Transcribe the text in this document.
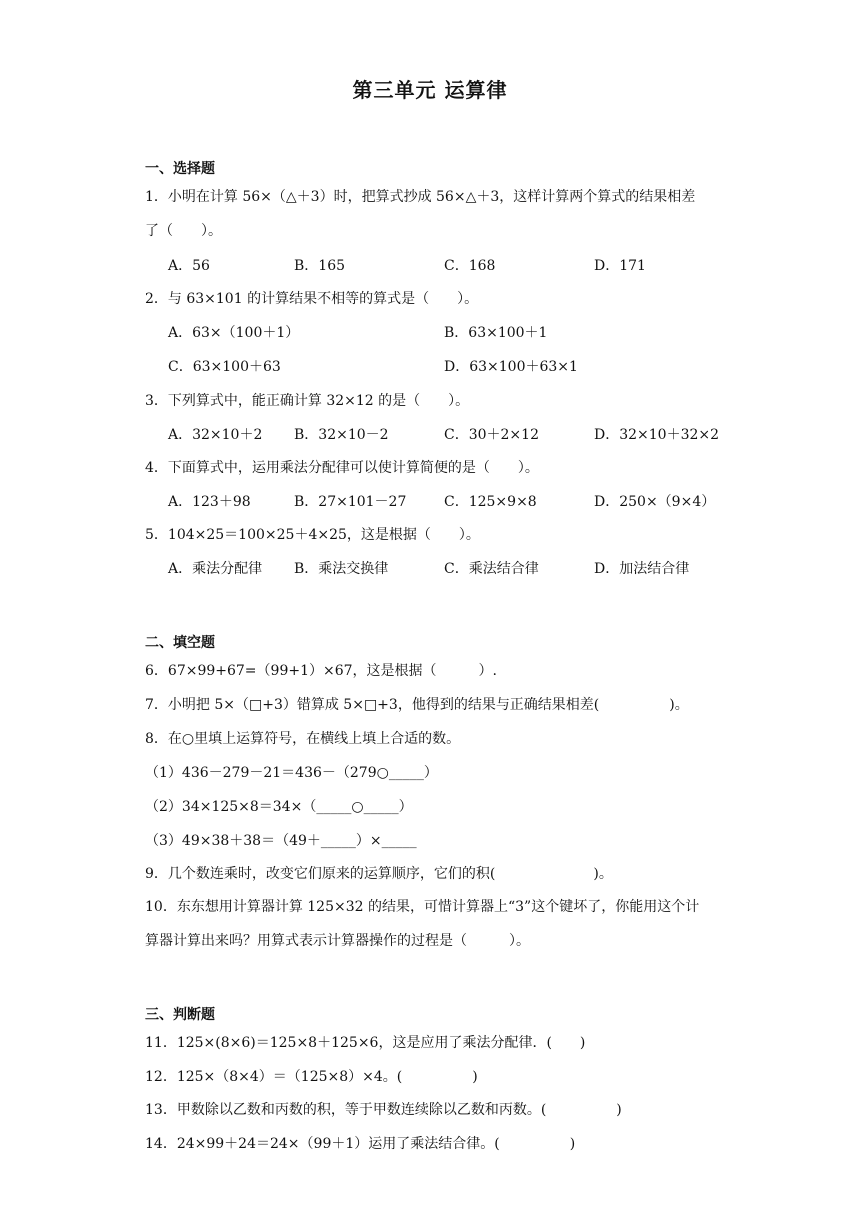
第三单元 运算律
一、选择题
1．小明在计算 56×（△＋3）时，把算式抄成 56×△＋3，这样计算两个算式的结果相差
了（　　）。
A．56	B．165	C．168	D．171
2．与 63×101 的计算结果不相等的算式是（　　）。
A．63×（100＋1）	B．63×100＋1
C．63×100＋63	D．63×100＋63×1
3．下列算式中，能正确计算 32×12 的是（　　）。
A．32×10＋2 B．32×10－2	C．30＋2×12	D．32×10＋32×2
4．下面算式中，运用乘法分配律可以使计算简便的是（　　）。
A．123＋98	B．27×101－27	C．125×9×8	D．250×（9×4）
5．104×25＝100×25＋4×25，这是根据（　　）。
A．乘法分配律 B．乘法交换律	C．乘法结合律	D．加法结合律
二、填空题
6．67×99+67=（99+1）×67，这是根据（　　　）.
7．小明把 5×（□+3）错算成 5×□+3，他得到的结果与正确结果相差(　　　　　)。
8．在○里填上运算符号，在横线上填上合适的数。
（1）436－279－21＝436－（279○_____）
（2）34×125×8＝34×（_____○_____）
（3）49×38＋38＝（49＋_____）×_____
9．几个数连乘时，改变它们原来的运算顺序，它们的积(　　　　　　　)。
10．东东想用计算器计算 125×32 的结果，可惜计算器上“3”这个键坏了，你能用这个计
算器计算出来吗？用算式表示计算器操作的过程是（　　　）。
三、判断题
11．125×(8×6)＝125×8＋125×6，这是应用了乘法分配律．(　　)
12．125×（8×4）＝（125×8）×4。(　　　　　)
13．甲数除以乙数和丙数的积，等于甲数连续除以乙数和丙数。(　　　　　)
14．24×99＋24＝24×（99＋1）运用了乘法结合律。(　　　　　)
